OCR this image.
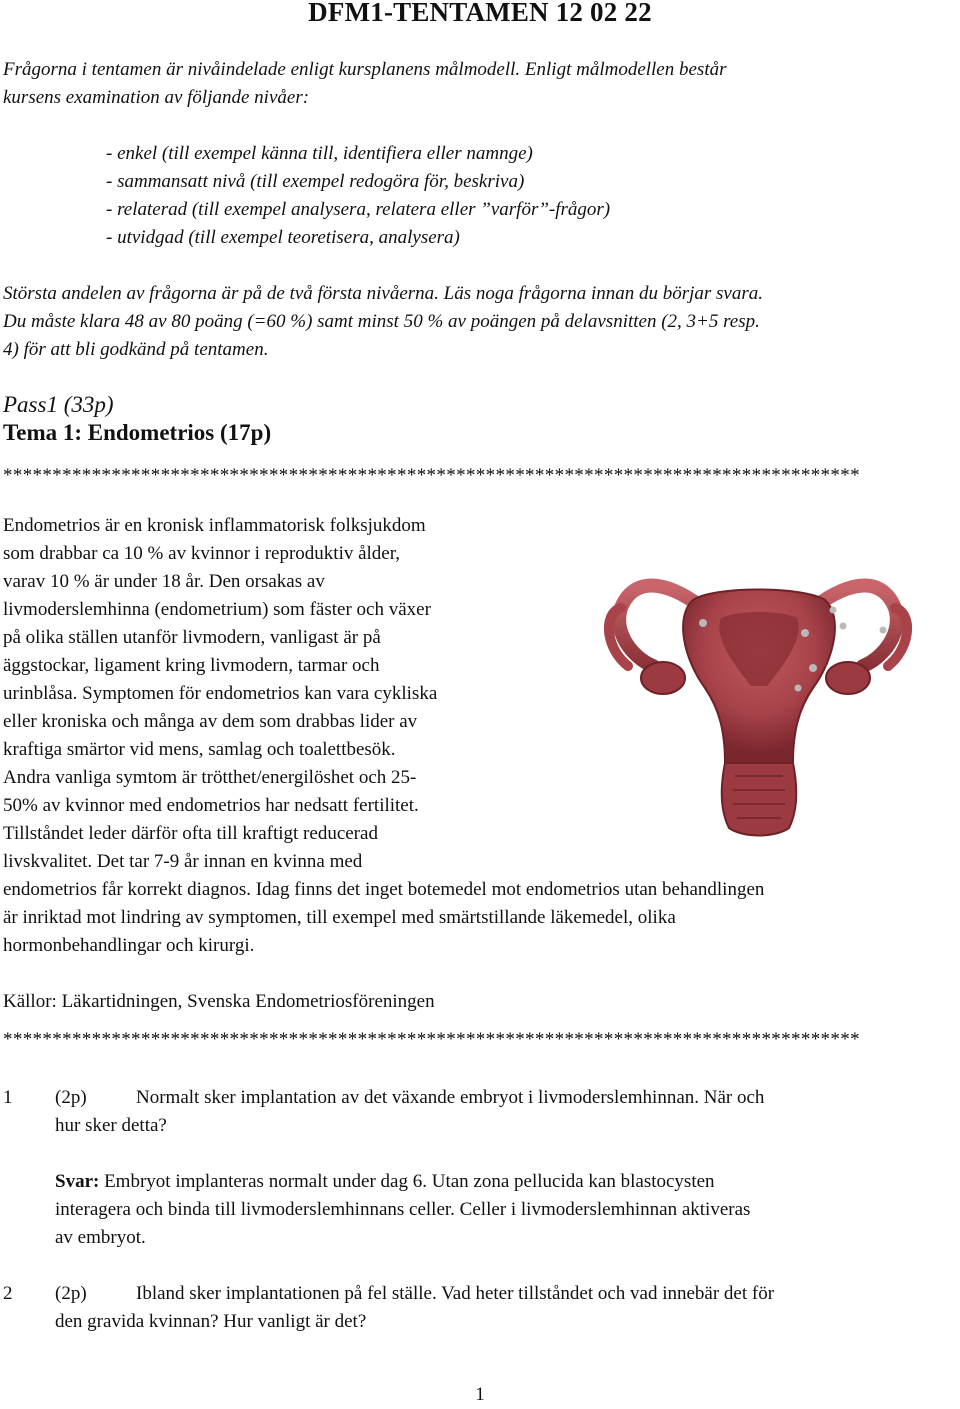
DFM1-TENTAMEN 12 02 22
Frågorna i tentamen är nivåindelade enligt kursplanens målmodell. Enligt målmodellen består
kursens examination av följande nivåer:
- enkel (till exempel känna till, identifiera eller namnge)
- sammansatt nivå (till exempel redogöra för, beskriva)
- relaterad (till exempel analysera, relatera eller ”varför”-frågor)
- utvidgad (till exempel teoretisera, analysera)
Största andelen av frågorna är på de två första nivåerna. Läs noga frågorna innan du börjar svara.
Du måste klara 48 av 80 poäng (=60 %) samt minst 50 % av poängen på delavsnitten (2, 3+5 resp.
4) för att bli godkänd på tentamen.
Pass1 (33p)
Tema 1: Endometrios (17p)
***************************************************************************************
Endometrios är en kronisk inflammatorisk folksjukdom
som drabbar ca 10 % av kvinnor i reproduktiv ålder,
varav 10 % är under 18 år. Den orsakas av
livmoderslemhinna (endometrium) som fäster och växer
på olika ställen utanför livmodern, vanligast är på
äggstockar, ligament kring livmodern, tarmar och
urinblåsa. Symptomen för endometrios kan vara cykliska
eller kroniska och många av dem som drabbas lider av
kraftiga smärtor vid mens, samlag och toalettbesök.
Andra vanliga symtom är trötthet/energilöshet och 25-
50% av kvinnor med endometrios har nedsatt fertilitet.
Tillståndet leder därför ofta till kraftigt reducerad
livskvalitet. Det tar 7-9 år innan en kvinna med
endometrios får korrekt diagnos. Idag finns det inget botemedel mot endometrios utan behandlingen
är inriktad mot lindring av symptomen, till exempel med smärtstillande läkemedel, olika
hormonbehandlingar och kirurgi.
Källor: Läkartidningen, Svenska Endometriosföreningen
***************************************************************************************
1 (2p)	Normalt sker implantation av det växande embryot i livmoderslemhinnan. När och
hur sker detta?
Svar: Embryot implanteras normalt under dag 6. Utan zona pellucida kan blastocysten
interagera och binda till livmoderslemhinnans celler. Celler i livmoderslemhinnan aktiveras
av embryot.
2 (2p)	Ibland sker implantationen på fel ställe. Vad heter tillståndet och vad innebär det för
den gravida kvinnan? Hur vanligt är det?
1
